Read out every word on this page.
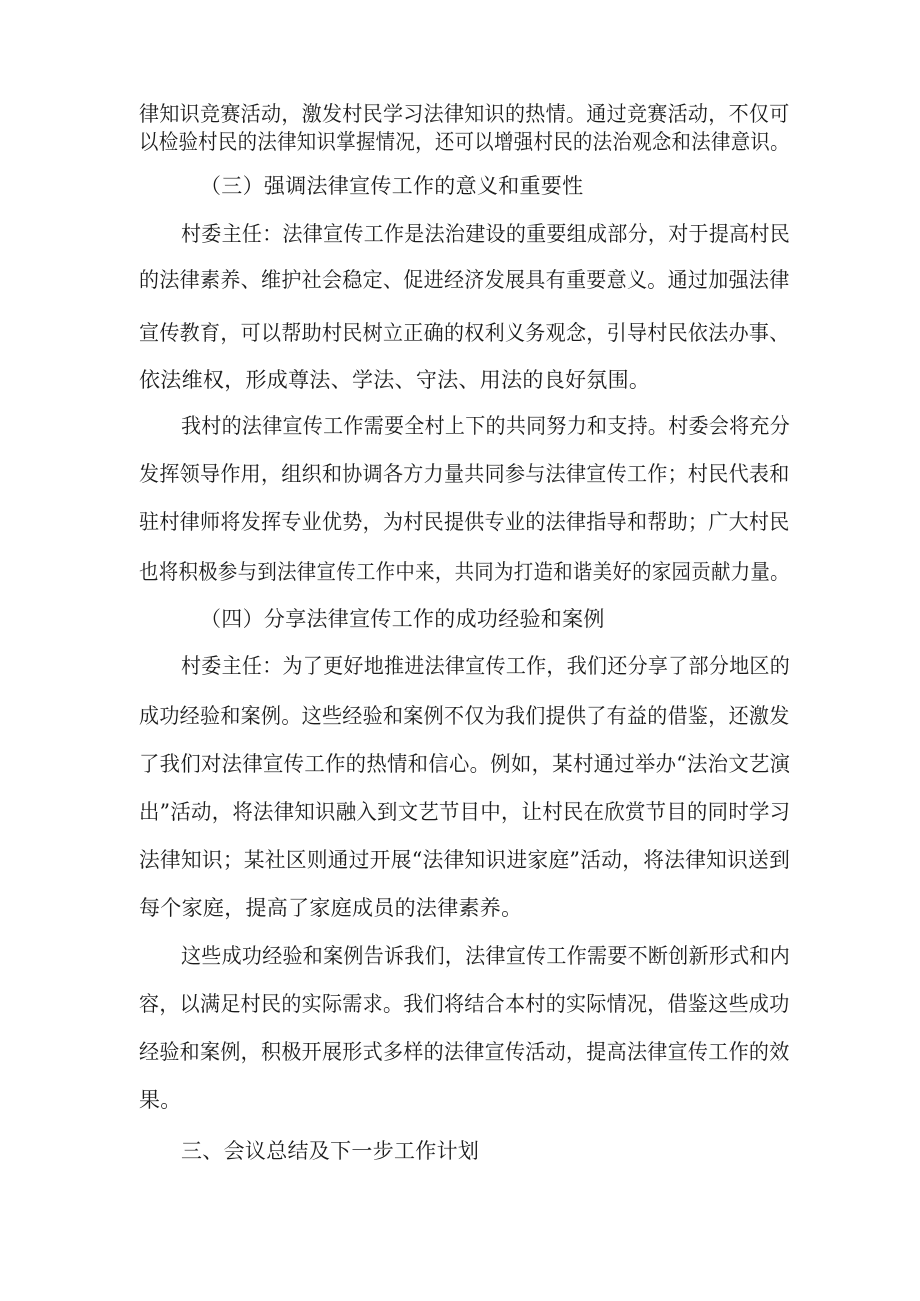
律知识竞赛活动，激发村民学习法律知识的热情。通过竞赛活动，不仅可
以检验村民的法律知识掌握情况，还可以增强村民的法治观念和法律意识。
（三）强调法律宣传工作的意义和重要性
村委主任：法律宣传工作是法治建设的重要组成部分，对于提高村民
的法律素养、维护社会稳定、促进经济发展具有重要意义。通过加强法律
宣传教育，可以帮助村民树立正确的权利义务观念，引导村民依法办事、
依法维权，形成尊法、学法、守法、用法的良好氛围。
我村的法律宣传工作需要全村上下的共同努力和支持。村委会将充分
发挥领导作用，组织和协调各方力量共同参与法律宣传工作；村民代表和
驻村律师将发挥专业优势，为村民提供专业的法律指导和帮助；广大村民
也将积极参与到法律宣传工作中来，共同为打造和谐美好的家园贡献力量。
（四）分享法律宣传工作的成功经验和案例
村委主任：为了更好地推进法律宣传工作，我们还分享了部分地区的
成功经验和案例。这些经验和案例不仅为我们提供了有益的借鉴，还激发
了我们对法律宣传工作的热情和信心。例如，某村通过举办“法治文艺演
出”活动，将法律知识融入到文艺节目中，让村民在欣赏节目的同时学习
法律知识；某社区则通过开展“法律知识进家庭”活动，将法律知识送到
每个家庭，提高了家庭成员的法律素养。
这些成功经验和案例告诉我们，法律宣传工作需要不断创新形式和内
容，以满足村民的实际需求。我们将结合本村的实际情况，借鉴这些成功
经验和案例，积极开展形式多样的法律宣传活动，提高法律宣传工作的效
果。
三、会议总结及下一步工作计划
